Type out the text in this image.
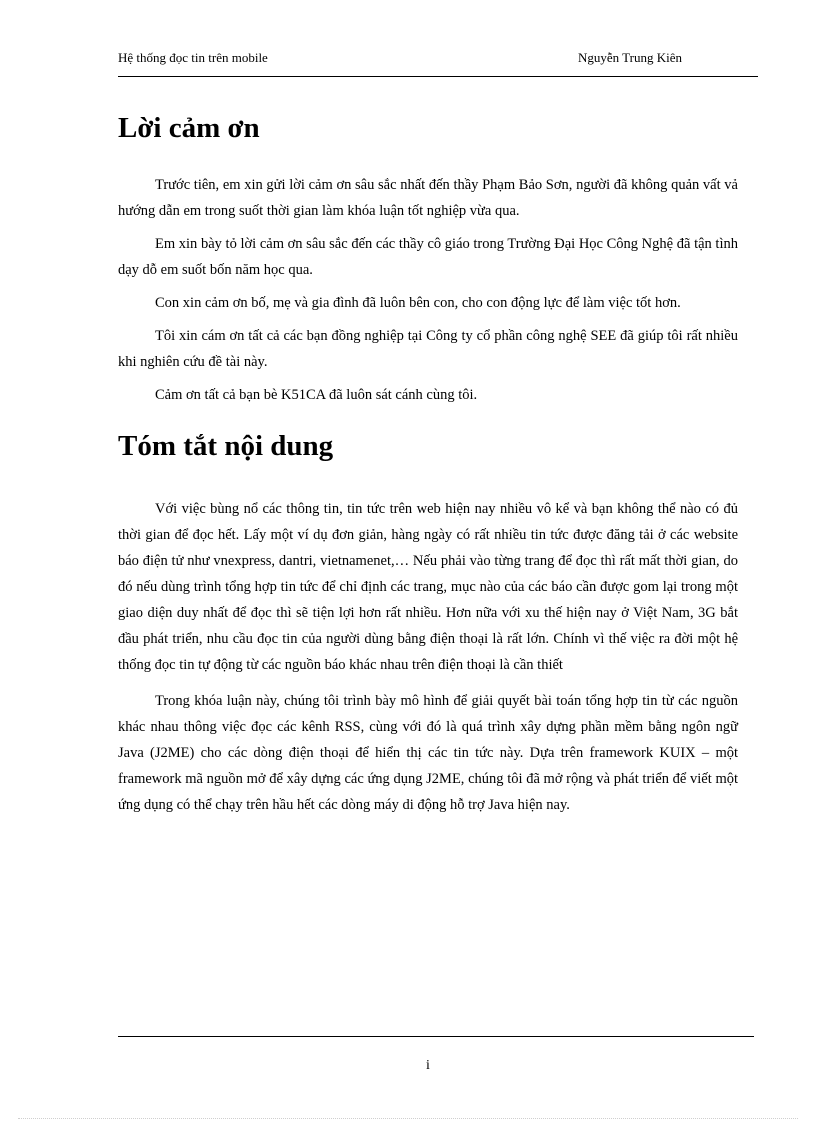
Hệ thống đọc tin trên mobile	Nguyễn Trung Kiên
Lời cảm ơn

Trước tiên, em xin gửi lời cảm ơn sâu sắc nhất đến thầy Phạm Bảo Sơn, người đã không quản vất vả hướng dẫn em trong suốt thời gian làm khóa luận tốt nghiệp vừa qua.

Em xin bày tỏ lời cảm ơn sâu sắc đến các thầy cô giáo trong Trường Đại Học Công Nghệ đã tận tình dạy dỗ em suốt bốn năm học qua.

Con xin cảm ơn bố, mẹ và gia đình đã luôn bên con, cho con động lực để làm việc tốt hơn.

Tôi xin cám ơn tất cả các bạn đồng nghiệp tại Công ty cổ phần công nghệ SEE đã giúp tôi rất nhiều khi nghiên cứu đề tài này.

Cảm ơn tất cả bạn bè K51CA đã luôn sát cánh cùng tôi.

Tóm tắt nội dung

Với việc bùng nổ các thông tin, tin tức trên web hiện nay nhiều vô kể và bạn không thể nào có đủ thời gian để đọc hết. Lấy một ví dụ đơn giản, hàng ngày có rất nhiều tin tức được đăng tải ở các website báo điện tử như vnexpress, dantri, vietnamenet,… Nếu phải vào từng trang để đọc thì rất mất thời gian, do đó nếu dùng trình tổng hợp tin tức để chỉ định các trang, mục nào của các báo cần được gom lại trong một giao diện duy nhất để đọc thì sẽ tiện lợi hơn rất nhiều. Hơn nữa với xu thế hiện nay ở Việt Nam, 3G bắt đầu phát triển, nhu cầu đọc tin của người dùng bằng điện thoại là rất lớn. Chính vì thế việc ra đời một hệ thống đọc tin tự động từ các nguồn báo khác nhau trên điện thoại là cần thiết

Trong khóa luận này, chúng tôi trình bày mô hình để giải quyết bài toán tổng hợp tin từ các nguồn khác nhau thông việc đọc các kênh RSS, cùng với đó là quá trình xây dựng phần mềm bằng ngôn ngữ Java (J2ME) cho các dòng điện thoại để hiển thị các tin tức này. Dựa trên framework KUIX – một framework mã nguồn mở để xây dựng các ứng dụng J2ME, chúng tôi đã mở rộng và phát triển để viết một ứng dụng có thể chạy trên hầu hết các dòng máy di động hỗ trợ Java hiện nay.

i
